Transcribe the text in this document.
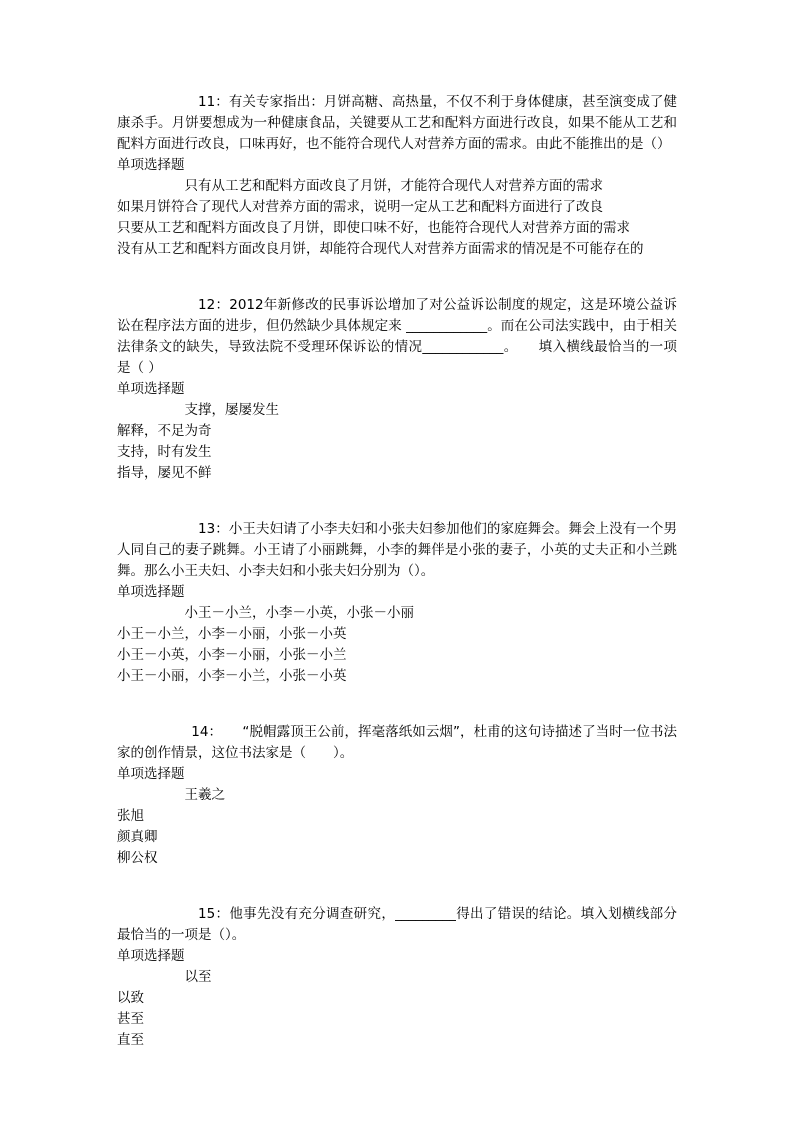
11：有关专家指出：月饼高糖、高热量，不仅不利于身体健康，甚至演变成了健康杀手。月饼要想成为一种健康食品，关键要从工艺和配料方面进行改良，如果不能从工艺和配料方面进行改良，口味再好，也不能符合现代人对营养方面的需求。由此不能推出的是（）
单项选择题
只有从工艺和配料方面改良了月饼，才能符合现代人对营养方面的需求
如果月饼符合了现代人对营养方面的需求，说明一定从工艺和配料方面进行了改良
只要从工艺和配料方面改良了月饼，即使口味不好，也能符合现代人对营养方面的需求
没有从工艺和配料方面改良月饼，却能符合现代人对营养方面需求的情况是不可能存在的
12：2012年新修改的民事诉讼增加了对公益诉讼制度的规定，这是环境公益诉讼在程序法方面的进步，但仍然缺少具体规定来 ____________。而在公司法实践中，由于相关法律条文的缺失，导致法院不受理环保诉讼的情况____________。　　填入横线最恰当的一项是（ ）
单项选择题
支撑，屡屡发生
解释，不足为奇
支持，时有发生
指导，屡见不鲜
13：小王夫妇请了小李夫妇和小张夫妇参加他们的家庭舞会。舞会上没有一个男人同自己的妻子跳舞。小王请了小丽跳舞，小李的舞伴是小张的妻子，小英的丈夫正和小兰跳舞。那么小王夫妇、小李夫妇和小张夫妇分别为（）。
单项选择题
小王－小兰，小李－小英，小张－小丽
小王－小兰，小李－小丽，小张－小英
小王－小英，小李－小丽，小张－小兰
小王－小丽，小李－小兰，小张－小英
14：　　“脱帽露顶王公前，挥毫落纸如云烟”，杜甫的这句诗描述了当时一位书法家的创作情景，这位书法家是（　　）。
单项选择题
王羲之
张旭
颜真卿
柳公权
15：他事先没有充分调查研究，_________得出了错误的结论。填入划横线部分最恰当的一项是（）。
单项选择题
以至
以致
甚至
直至
